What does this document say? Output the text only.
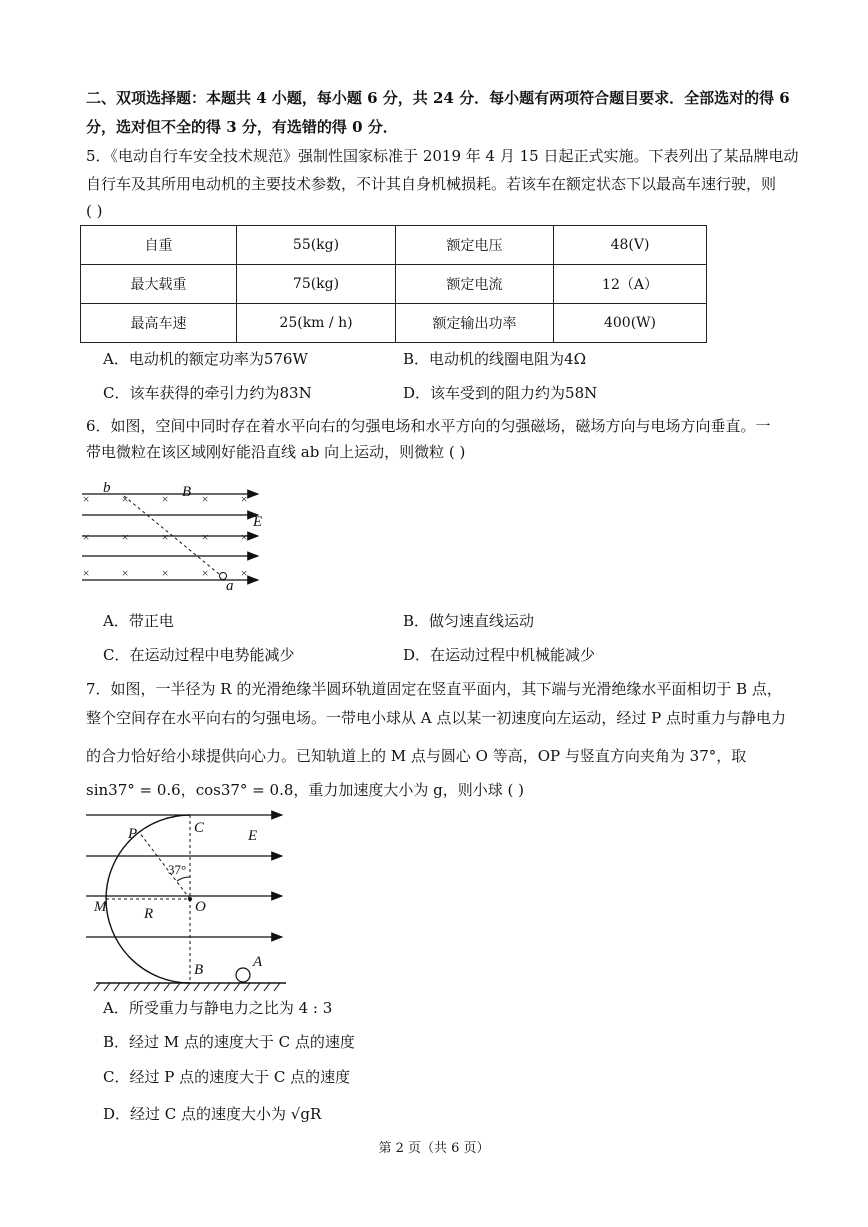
二、双项选择题：本题共 4 小题，每小题 6 分，共 24 分．每小题有两项符合题目要求．全部选对的得 6
分，选对但不全的得 3 分，有选错的得 0 分．
5．《电动自行车安全技术规范》强制性国家标准于 2019 年 4 月 15 日起正式实施。下表列出了某品牌电动
自行车及其所用电动机的主要技术参数，不计其自身机械损耗。若该车在额定状态下以最高车速行驶，则
( )
自重	55(kg)	额定电压	48(V)
最大载重	75(kg)	额定电流	12（A）
最高车速	25(km / h)	额定输出功率	400(W)
A．电动机的额定功率为576W	B．电动机的线圈电阻为4Ω
C．该车获得的牵引力约为83N	D．该车受到的阻力约为58N
6．如图，空间中同时存在着水平向右的匀强电场和水平方向的匀强磁场，磁场方向与电场方向垂直。一
带电微粒在该区域刚好能沿直线 ab 向上运动，则微粒 ( )
×	×	×	×	×
×	×	×	×	×
×	×	×	×	×
b	B
E
a
A．带正电	B．做匀速直线运动
C．在运动过程中电势能减少	D．在运动过程中机械能减少
7．如图，一半径为 R 的光滑绝缘半圆环轨道固定在竖直平面内，其下端与光滑绝缘水平面相切于 B 点，
整个空间存在水平向右的匀强电场。一带电小球从 A 点以某一初速度向左运动，经过 P 点时重力与静电力
的合力恰好给小球提供向心力。已知轨道上的 M 点与圆心 O 等高，OP 与竖直方向夹角为 37°，取
sin37° = 0.6，cos37° = 0.8，重力加速度大小为 g，则小球 ( )
P	C	E
37°
M	O
R
B	A
A．所受重力与静电力之比为 4 : 3
B．经过 M 点的速度大于 C 点的速度
C．经过 P 点的速度大于 C 点的速度
D．经过 C 点的速度大小为 √gR
第 2 页（共 6 页）
